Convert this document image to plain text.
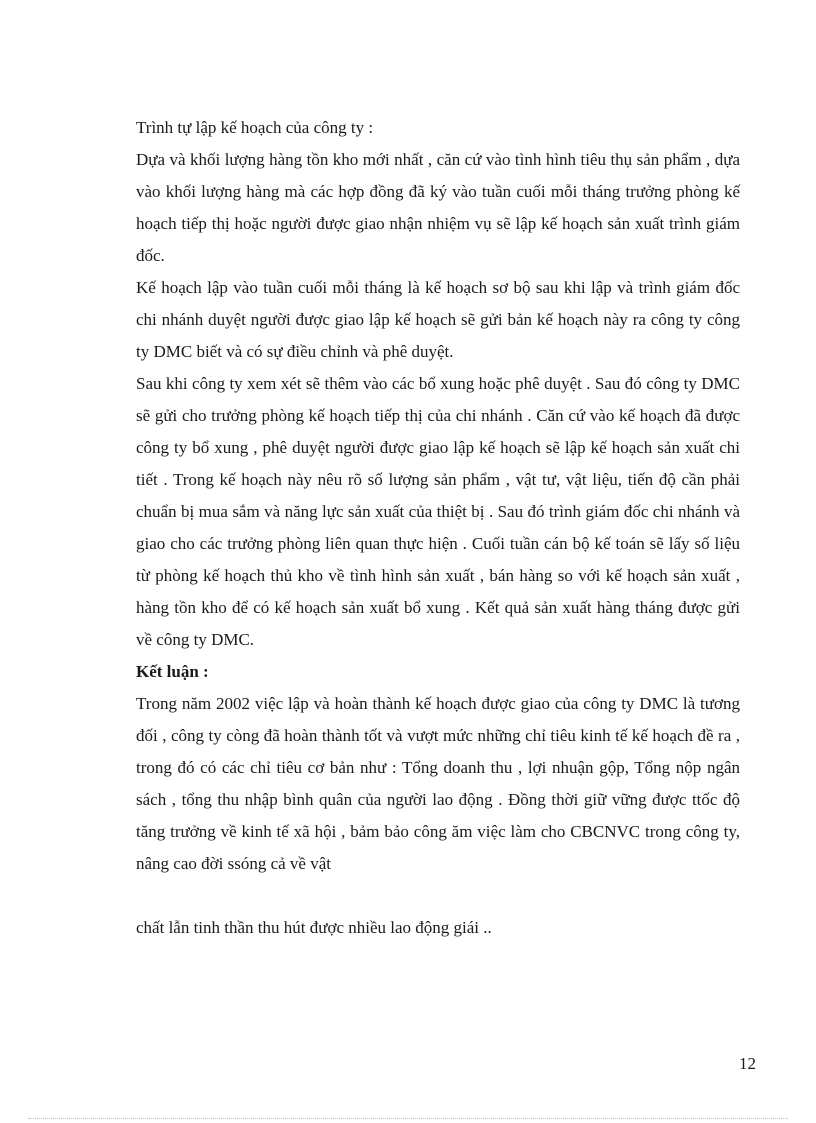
Trình tự lập kế hoạch của công ty :

Dựa và khối lượng hàng tồn kho mới nhất , căn cứ vào tình hình tiêu thụ sản phẩm , dựa vào khối lượng hàng mà các hợp đồng đã ký vào tuần cuối mỗi tháng trưởng phòng kế hoạch tiếp thị hoặc người được giao nhận nhiệm vụ sẽ lập kế hoạch sản xuất trình giám đốc.

Kế hoạch lập vào tuần cuối mỗi tháng là kế hoạch sơ bộ sau khi lập và trình giám đốc chi nhánh duyệt người được giao lập kế hoạch sẽ gửi bản kế hoạch này ra công ty công ty DMC biết và có sự điều chỉnh và phê duyệt.

Sau khi công ty xem xét sẽ thêm vào các bổ xung hoặc phê duyệt . Sau đó công ty DMC sẽ gửi cho trưởng phòng kế hoạch tiếp thị của chi nhánh . Căn cứ vào kế hoạch đã được công ty bổ xung , phê duyệt người được giao lập kế hoạch sẽ lập kế hoạch sản xuất chi tiết . Trong kế hoạch này nêu rõ số lượng sản phẩm , vật tư, vật liệu, tiến độ cần phải chuẩn bị mua sắm và năng lực sản xuất của thiệt bị . Sau đó trình giám đốc chi nhánh và giao cho các trưởng phòng liên quan thực hiện . Cuối tuần cán bộ kế toán sẽ lấy số liệu từ phòng kế hoạch thủ kho về tình hình sản xuất , bán hàng so với kế hoạch sản xuất , hàng tồn kho để có kế hoạch sản xuất bổ xung . Kết quả sản xuất hàng tháng được gửi về công ty DMC.

Kết luận :

Trong năm 2002 việc lập và hoàn thành kế hoạch được giao của công ty DMC là tương đối , công ty còng đã hoàn thành tốt và vượt mức những chỉ tiêu kinh tế kế hoạch đề ra , trong đó có các chỉ tiêu cơ bản như : Tổng doanh thu , lợi nhuận gộp, Tổng nộp ngân sách , tổng thu nhập bình quân của người lao động . Đồng thời giữ vững được ttốc độ tăng trưởng về kinh tế xã hội , bảm bảo công ăm việc làm cho CBCNVC trong công ty, nâng cao đời ssóng cả về vật

chất lẫn tinh thần thu hút được nhiều lao động giái ..

12
